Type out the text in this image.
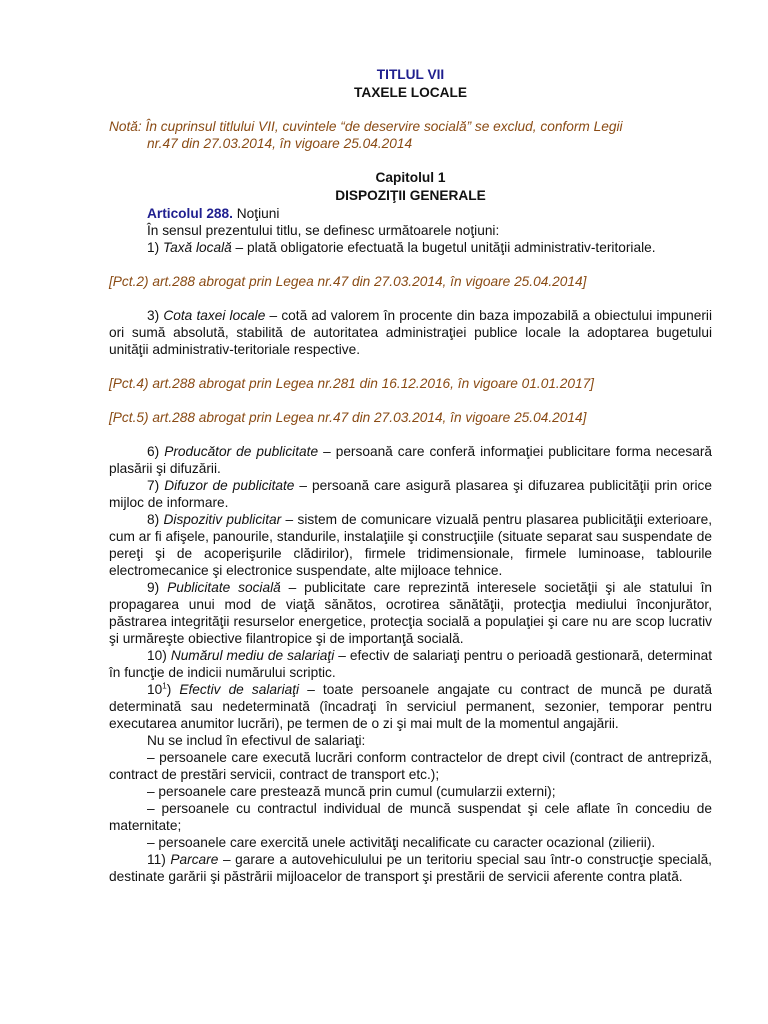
TITLUL VII
TAXELE LOCALE
Notă: În cuprinsul titlului VII, cuvintele “de deservire socială” se exclud, conform Legii
nr.47 din 27.03.2014, în vigoare 25.04.2014
Capitolul 1
DISPOZIŢII GENERALE
Articolul 288. Noţiuni

În sensul prezentului titlu, se definesc următoarele noţiuni:

1) Taxă locală – plată obligatorie efectuată la bugetul unităţii administrativ-teritoriale.

[Pct.2) art.288 abrogat prin Legea nr.47 din 27.03.2014, în vigoare 25.04.2014]

3) Cota taxei locale – cotă ad valorem în procente din baza impozabilă a obiectului impunerii ori sumă absolută, stabilită de autoritatea administraţiei publice locale la adoptarea bugetului unităţii administrativ-teritoriale respective.

[Pct.4) art.288 abrogat prin Legea nr.281 din 16.12.2016, în vigoare 01.01.2017]

[Pct.5) art.288 abrogat prin Legea nr.47 din 27.03.2014, în vigoare 25.04.2014]

6) Producător de publicitate – persoană care conferă informaţiei publicitare forma necesară plasării şi difuzării.

7) Difuzor de publicitate – persoană care asigură plasarea şi difuzarea publicităţii prin orice mijloc de informare.

8) Dispozitiv publicitar – sistem de comunicare vizuală pentru plasarea publicităţii exterioare, cum ar fi afişele, panourile, standurile, instalaţiile şi construcţiile (situate separat sau suspendate de pereţi şi de acoperişurile clădirilor), firmele tridimensionale, firmele luminoase, tablourile electromecanice şi electronice suspendate, alte mijloace tehnice.

9) Publicitate socială – publicitate care reprezintă interesele societăţii şi ale statului în propagarea unui mod de viaţă sănătos, ocrotirea sănătăţii, protecţia mediului înconjurător, păstrarea integrităţii resurselor energetice, protecţia socială a populaţiei şi care nu are scop lucrativ şi urmăreşte obiective filantropice şi de importanţă socială.

10) Numărul mediu de salariaţi – efectiv de salariaţi pentru o perioadă gestionară, determinat în funcţie de indicii numărului scriptic.

$10^1$) Efectiv de salariaţi – toate persoanele angajate cu contract de muncă pe durată determinată sau nedeterminată (încadraţi în serviciul permanent, sezonier, temporar pentru executarea anumitor lucrări), pe termen de o zi şi mai mult de la momentul angajării.

Nu se includ în efectivul de salariaţi:

– persoanele care execută lucrări conform contractelor de drept civil (contract de antrepriză, contract de prestări servicii, contract de transport etc.);

– persoanele care prestează muncă prin cumul (cumularzii externi);

– persoanele cu contractul individual de muncă suspendat şi cele aflate în concediu de maternitate;

– persoanele care exercită unele activităţi necalificate cu caracter ocazional (zilierii).

11) Parcare – garare a autovehiculului pe un teritoriu special sau într-o construcţie specială, destinate garării şi păstrării mijloacelor de transport şi prestării de servicii aferente contra plată.
